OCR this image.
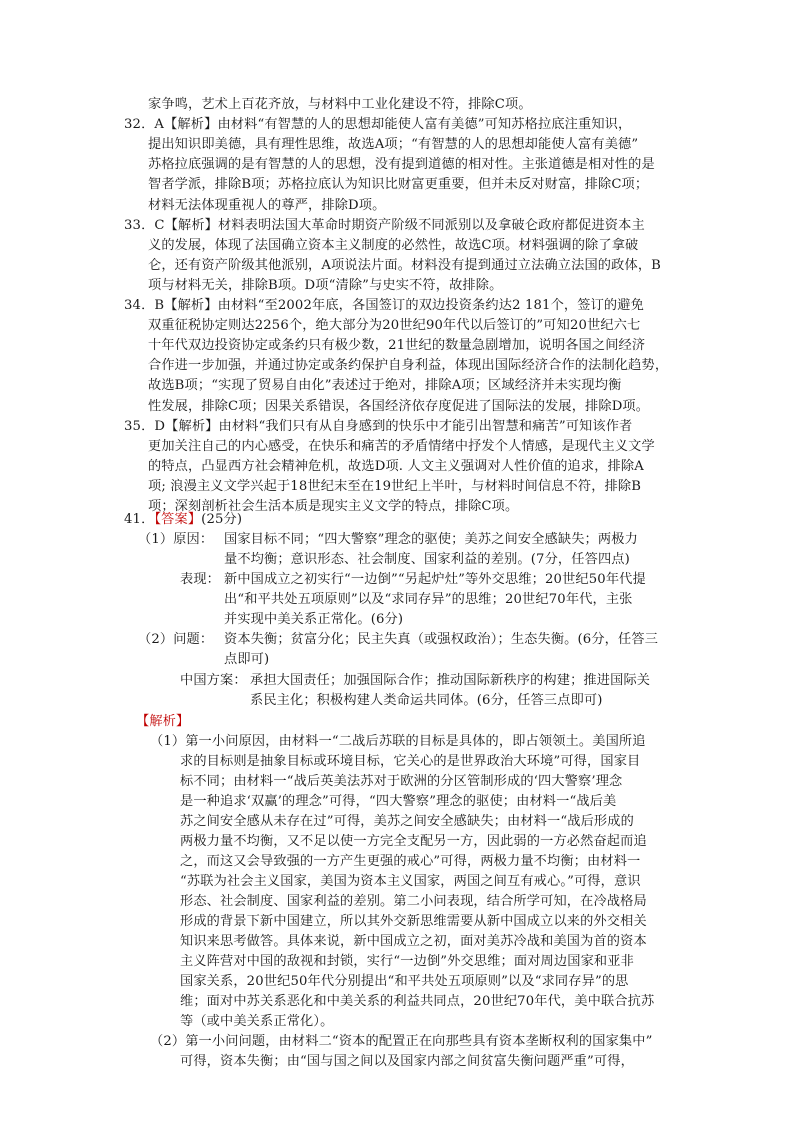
家争鸣，艺术上百花齐放，与材料中工业化建设不符，排除C项。
32．A【解析】由材料“有智慧的人的思想却能使人富有美德”可知苏格拉底注重知识，
提出知识即美德，具有理性思维，故选A项；“有智慧的人的思想却能使人富有美德”
苏格拉底强调的是有智慧的人的思想，没有提到道德的相对性。主张道德是相对性的是
智者学派，排除B项；苏格拉底认为知识比财富更重要，但并未反对财富，排除C项；
材料无法体现重视人的尊严，排除D项。
33．C【解析】材料表明法国大革命时期资产阶级不同派别以及拿破仑政府都促进资本主
义的发展，体现了法国确立资本主义制度的必然性，故选C项。材料强调的除了拿破
仑，还有资产阶级其他派别，A项说法片面。材料没有提到通过立法确立法国的政体，B
项与材料无关，排除B项。D项“清除”与史实不符，故排除。
34．B【解析】由材料“至2002年底，各国签订的双边投资条约达2 181个，签订的避免
双重征税协定则达2256个，绝大部分为20世纪90年代以后签订的”可知20世纪六七
十年代双边投资协定或条约只有极少数，21世纪的数量急剧增加，说明各国之间经济
合作进一步加强，并通过协定或条约保护自身利益，体现出国际经济合作的法制化趋势，
故选B项；“实现了贸易自由化”表述过于绝对，排除A项；区域经济并未实现均衡
性发展，排除C项；因果关系错误，各国经济依存度促进了国际法的发展，排除D项。
35．D【解析】由材料“我们只有从自身感到的快乐中才能引出智慧和痛苦”可知该作者
更加关注自己的内心感受，在快乐和痛苦的矛盾情绪中抒发个人情感，是现代主义文学
的特点，凸显西方社会精神危机，故选D项. 人文主义强调对人性价值的追求，排除A
项; 浪漫主义文学兴起于18世纪末至在19世纪上半叶，与材料时间信息不符，排除B
项；深刻剖析社会生活本质是现实主义文学的特点，排除C项。
41．【答案】(25分)
（1）原因： 国家目标不同；“四大警察”理念的驱使；美苏之间安全感缺失；两极力
量不均衡；意识形态、社会制度、国家利益的差别。(7分，任答四点)
表现： 新中国成立之初实行“一边倒”“另起炉灶”等外交思维；20世纪50年代提
出“和平共处五项原则”以及“求同存异”的思维；20世纪70年代，主张
并实现中美关系正常化。(6分)
（2）问题： 资本失衡；贫富分化；民主失真（或强权政治）；生态失衡。(6分，任答三
点即可)
中国方案： 承担大国责任；加强国际合作；推动国际新秩序的构建；推进国际关
系民主化；积极构建人类命运共同体。(6分，任答三点即可)
【解析】
（1）第一小问原因，由材料一“二战后苏联的目标是具体的，即占领领土。美国所追
求的目标则是抽象目标或环境目标，它关心的是世界政治大环境”可得，国家目
标不同；由材料一“战后英美法苏对于欧洲的分区管制形成的‘四大警察’理念
是一种追求‘双赢’的理念”可得，“四大警察”理念的驱使；由材料一“战后美
苏之间安全感从未存在过”可得，美苏之间安全感缺失；由材料一“战后形成的
两极力量不均衡，又不足以使一方完全支配另一方，因此弱的一方必然奋起而追
之，而这又会导致强的一方产生更强的戒心”可得，两极力量不均衡；由材料一
“苏联为社会主义国家，美国为资本主义国家，两国之间互有戒心。”可得，意识
形态、社会制度、国家利益的差别。第二小问表现，结合所学可知，在冷战格局
形成的背景下新中国建立，所以其外交新思维需要从新中国成立以来的外交相关
知识来思考做答。具体来说，新中国成立之初，面对美苏冷战和美国为首的资本
主义阵营对中国的敌视和封锁，实行“一边倒”外交思维；面对周边国家和亚非
国家关系，20世纪50年代分别提出“和平共处五项原则”以及“求同存异”的思
维；面对中苏关系恶化和中美关系的利益共同点，20世纪70年代，美中联合抗苏
等（或中美关系正常化）。
（2）第一小问问题，由材料二“资本的配置正在向那些具有资本垄断权利的国家集中”
可得，资本失衡；由“国与国之间以及国家内部之间贫富失衡问题严重”可得，
